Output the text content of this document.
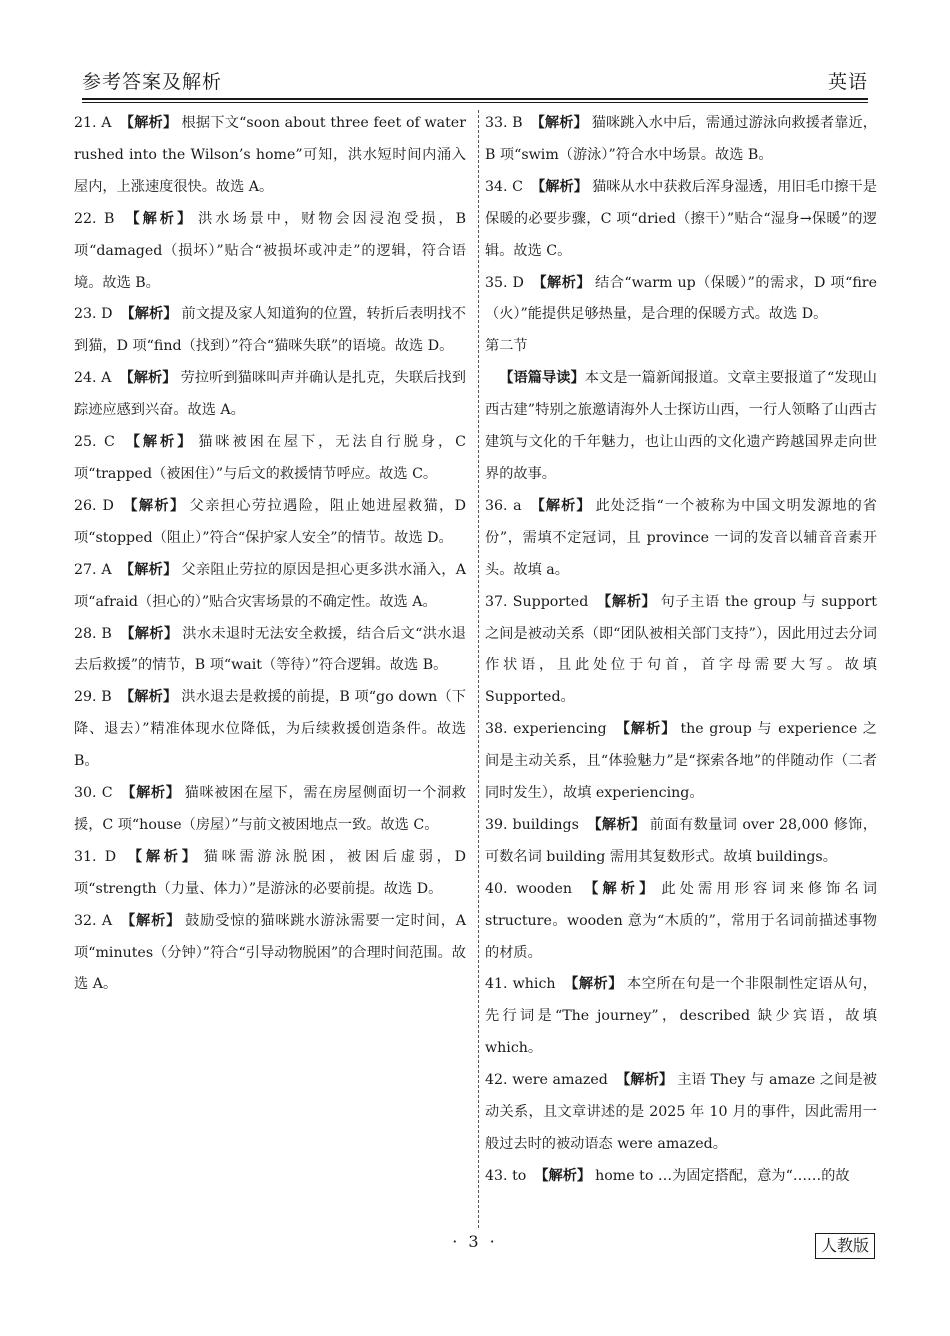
参考答案及解析	英语

21. A 【解析】 根据下文“soon about three feet of water rushed into the Wilson’s home”可知，洪水短时间内涌入屋内，上涨速度很快。故选 A。

22. B 【解析】 洪水场景中，财物会因浸泡受损，B 项“damaged（损坏）”贴合“被损坏或冲走”的逻辑，符合语境。故选 B。

23. D 【解析】 前文提及家人知道狗的位置，转折后表明找不到猫，D 项“find（找到）”符合“猫咪失联”的语境。故选 D。

24. A 【解析】 劳拉听到猫咪叫声并确认是扎克，失联后找到踪迹应感到兴奋。故选 A。

25. C 【解析】 猫咪被困在屋下，无法自行脱身，C 项“trapped（被困住）”与后文的救援情节呼应。故选 C。

26. D 【解析】 父亲担心劳拉遇险，阻止她进屋救猫，D 项“stopped（阻止）”符合“保护家人安全”的情节。故选 D。

27. A 【解析】 父亲阻止劳拉的原因是担心更多洪水涌入，A 项“afraid（担心的）”贴合灾害场景的不确定性。故选 A。

28. B 【解析】 洪水未退时无法安全救援，结合后文“洪水退去后救援”的情节，B 项“wait（等待）”符合逻辑。故选 B。

29. B 【解析】 洪水退去是救援的前提，B 项“go down（下降、退去）”精准体现水位降低，为后续救援创造条件。故选 B。

30. C 【解析】 猫咪被困在屋下，需在房屋侧面切一个洞救援，C 项“house（房屋）”与前文被困地点一致。故选 C。

31. D 【解析】 猫咪需游泳脱困，被困后虚弱，D 项“strength（力量、体力）”是游泳的必要前提。故选 D。

32. A 【解析】 鼓励受惊的猫咪跳水游泳需要一定时间，A 项“minutes（分钟）”符合“引导动物脱困”的合理时间范围。故选 A。

33. B 【解析】 猫咪跳入水中后，需通过游泳向救援者靠近，B 项“swim（游泳）”符合水中场景。故选 B。

34. C 【解析】 猫咪从水中获救后浑身湿透，用旧毛巾擦干是保暖的必要步骤，C 项“dried（擦干）”贴合“湿身→保暖”的逻辑。故选 C。

35. D 【解析】 结合“warm up（保暖）”的需求，D 项“fire（火）”能提供足够热量，是合理的保暖方式。故选 D。

第二节

【语篇导读】本文是一篇新闻报道。文章主要报道了“发现山西古建”特别之旅邀请海外人士探访山西，一行人领略了山西古建筑与文化的千年魅力，也让山西的文化遗产跨越国界走向世界的故事。

36. a 【解析】 此处泛指“一个被称为中国文明发源地的省份”，需填不定冠词，且 province 一词的发音以辅音音素开头。故填 a。

37. Supported 【解析】 句子主语 the group 与 support 之间是被动关系（即“团队被相关部门支持”），因此用过去分词作状语，且此处位于句首，首字母需要大写。故填 Supported。

38. experiencing 【解析】 the group 与 experience 之间是主动关系，且“体验魅力”是“探索各地”的伴随动作（二者同时发生），故填 experiencing。

39. buildings 【解析】 前面有数量词 over 28,000 修饰，可数名词 building 需用其复数形式。故填 buildings。

40. wooden 【解析】 此处需用形容词来修饰名词 structure。wooden 意为“木质的”，常用于名词前描述事物的材质。

41. which 【解析】 本空所在句是一个非限制性定语从句，先行词是“The journey”，described 缺少宾语，故填 which。

42. were amazed 【解析】 主语 They 与 amaze 之间是被动关系，且文章讲述的是 2025 年 10 月的事件，因此需用一般过去时的被动语态 were amazed。

43. to 【解析】 home to …为固定搭配，意为“……的故

· 3 ·	人教版
